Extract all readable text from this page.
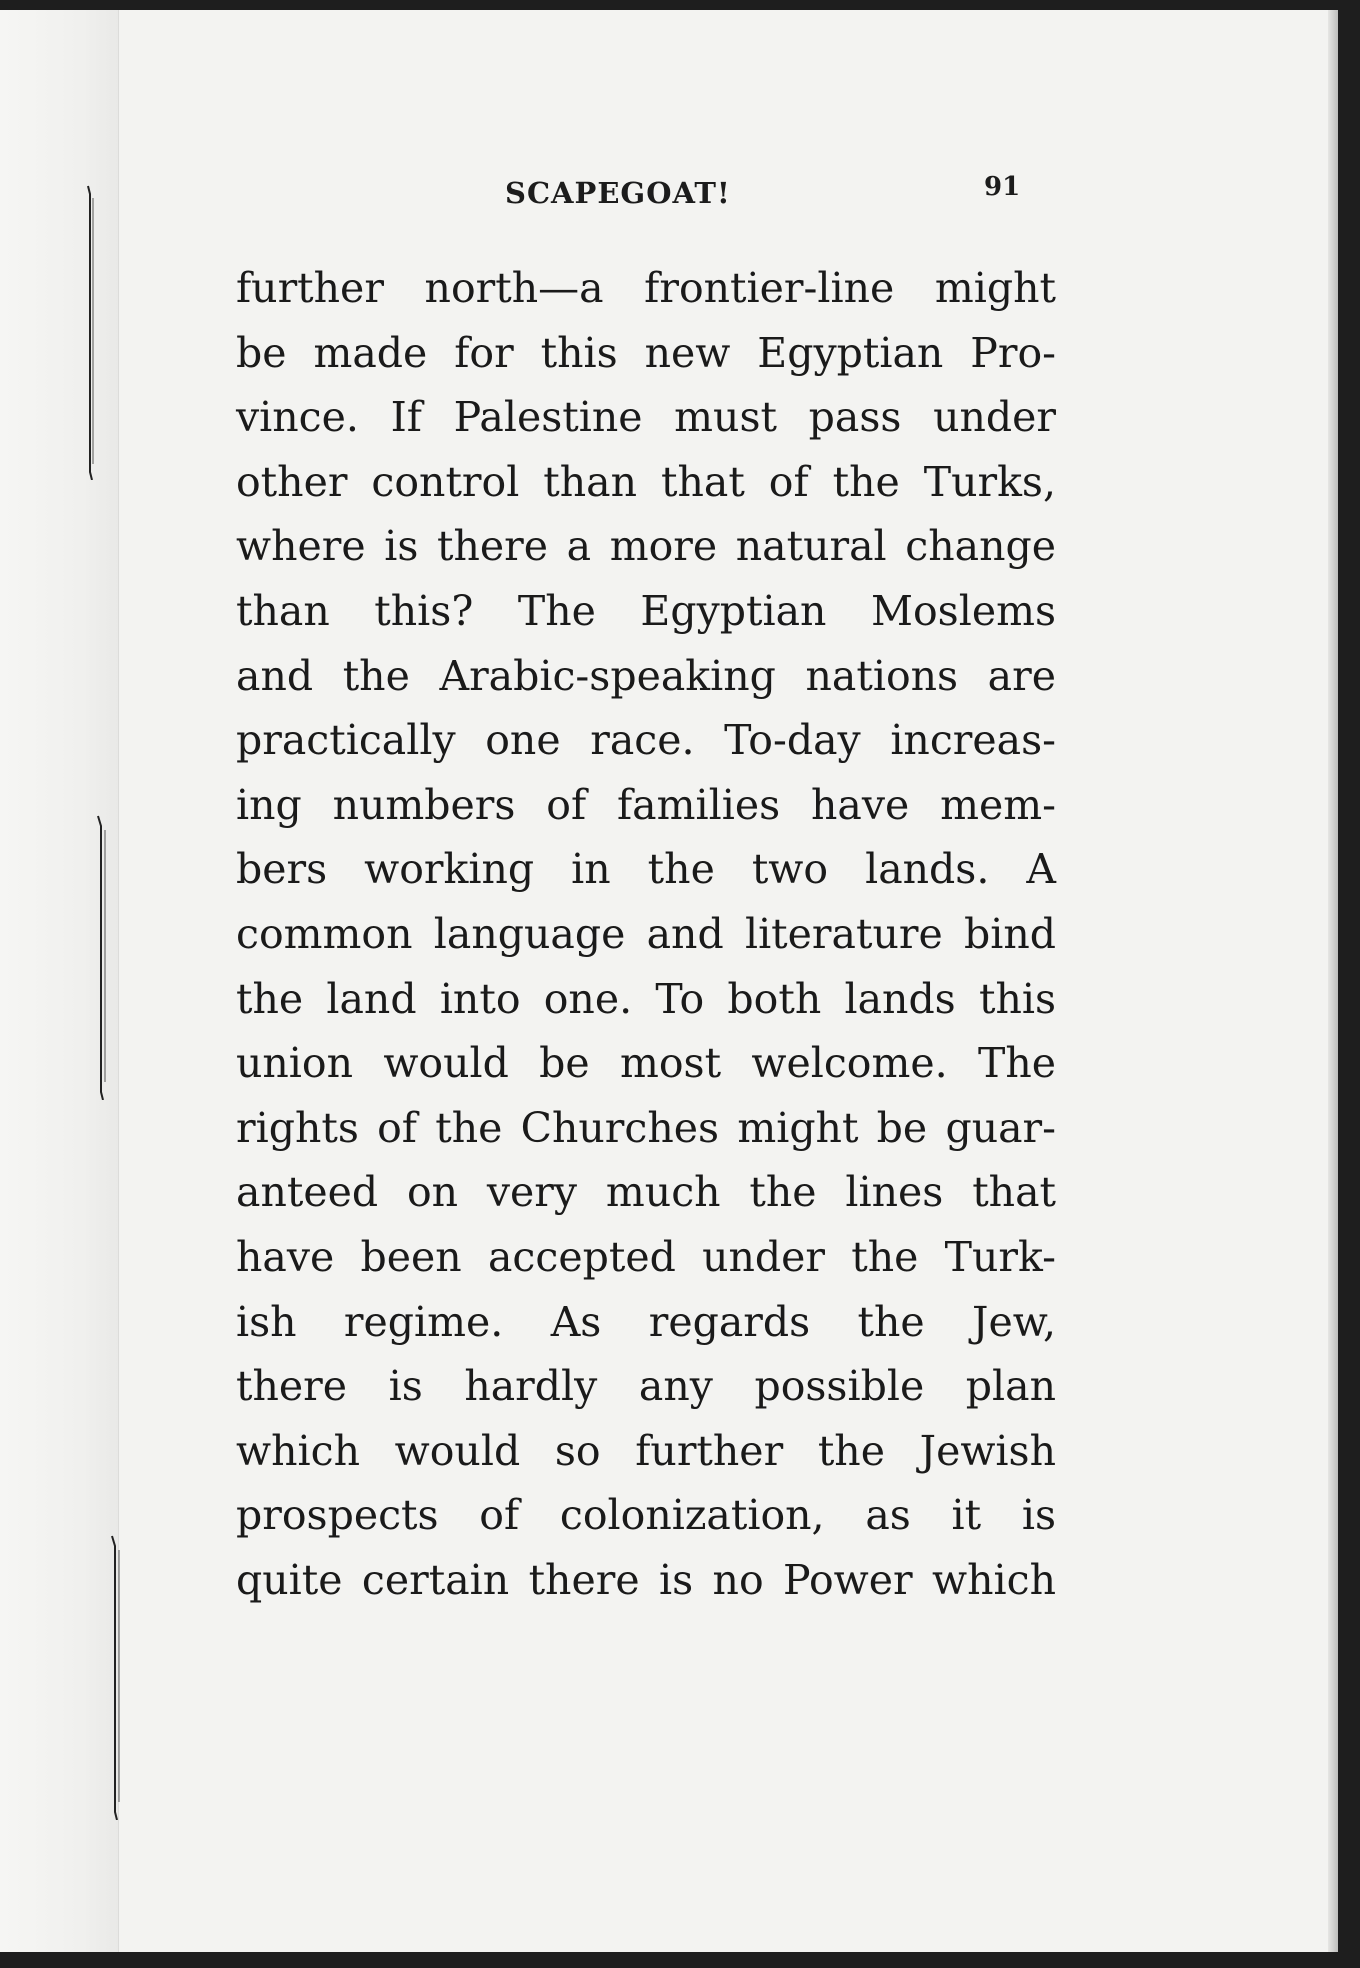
SCAPEGOAT!	91
further north—a frontier-line might
be made for this new Egyptian Pro-
vince. If Palestine must pass under
other control than that of the Turks,
where is there a more natural change
than this? The Egyptian Moslems
and the Arabic-speaking nations are
practically one race. To-day increas-
ing numbers of families have mem-
bers working in the two lands. A
common language and literature bind
the land into one. To both lands this
union would be most welcome. The
rights of the Churches might be guar-
anteed on very much the lines that
have been accepted under the Turk-
ish regime. As regards the Jew,
there is hardly any possible plan
which would so further the Jewish
prospects of colonization, as it is
quite certain there is no Power which
